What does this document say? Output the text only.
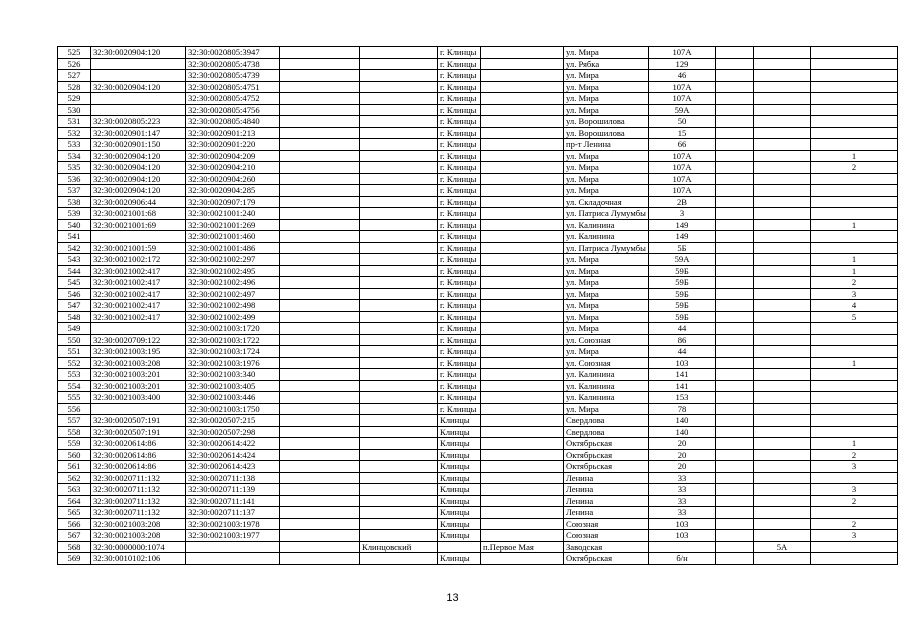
525	32:30:0020904:120	32:30:0020805:3947			г. Клинцы		ул. Мира	107А			
526		32:30:0020805:4738			г. Клинцы		ул. Рябка	129			
527		32:30:0020805:4739			г. Клинцы		ул. Мира	46			
528	32:30:0020904:120	32:30:0020805:4751			г. Клинцы		ул. Мира	107А			
529		32:30:0020805:4752			г. Клинцы		ул. Мира	107А			
530		32:30:0020805:4756			г. Клинцы		ул. Мира	59А			
531	32:30:0020805:223	32:30:0020805:4840			г. Клинцы		ул. Ворошилова	50			
532	32:30:0020901:147	32:30:0020901:213			г. Клинцы		ул. Ворошилова	15			
533	32:30:0020901:150	32:30:0020901:220			г. Клинцы		пр-т Ленина	66			
534	32:30:0020904:120	32:30:0020904:209			г. Клинцы		ул. Мира	107А			1
535	32:30:0020904:120	32:30:0020904:210			г. Клинцы		ул. Мира	107А			2
536	32:30:0020904:120	32:30:0020904:260			г. Клинцы		ул. Мира	107А			
537	32:30:0020904:120	32:30:0020904:285			г. Клинцы		ул. Мира	107А			
538	32:30:0020906:44	32:30:0020907:179			г. Клинцы		ул. Складочная	2В			
539	32:30:0021001:68	32:30:0021001:240			г. Клинцы		ул. Патриса Лумумбы	3			
540	32:30:0021001:69	32:30:0021001:269			г. Клинцы		ул. Калинина	149			1
541		32:30:0021001:460			г. Клинцы		ул. Калинина	149			
542	32:30:0021001:59	32:30:0021001:486			г. Клинцы		ул. Патриса Лумумбы	5Б			
543	32:30:0021002:172	32:30:0021002:297			г. Клинцы		ул. Мира	59А			1
544	32:30:0021002:417	32:30:0021002:495			г. Клинцы		ул. Мира	59Б			1
545	32:30:0021002:417	32:30:0021002:496			г. Клинцы		ул. Мира	59Б			2
546	32:30:0021002:417	32:30:0021002:497			г. Клинцы		ул. Мира	59Б			3
547	32:30:0021002:417	32:30:0021002:498			г. Клинцы		ул. Мира	59Б			4
548	32:30:0021002:417	32:30:0021002:499			г. Клинцы		ул. Мира	59Б			5
549		32:30:0021003:1720			г. Клинцы		ул. Мира	44			
550	32:30:0020709:122	32:30:0021003:1722			г. Клинцы		ул. Союзная	86			
551	32:30:0021003:195	32:30:0021003:1724			г. Клинцы		ул. Мира	44			
552	32:30:0021003:208	32:30:0021003:1976			г. Клинцы		ул. Союзная	103			1
553	32:30:0021003:201	32:30:0021003:340			г. Клинцы		ул. Калинина	141			
554	32:30:0021003:201	32:30:0021003:405			г. Клинцы		ул. Калинина	141			
555	32:30:0021003:400	32:30:0021003:446			г. Клинцы		ул. Калинина	153			
556		32:30:0021003:1750			г. Клинцы		ул. Мира	78			
557	32:30:0020507:191	32:30:0020507:215			Клинцы		Свердлова	140			
558	32:30:0020507:191	32:30:0020507:298			Клинцы		Свердлова	140			
559	32:30:0020614:86	32:30:0020614:422			Клинцы		Октябрьская	20			1
560	32:30:0020614:86	32:30:0020614:424			Клинцы		Октябрьская	20			2
561	32:30:0020614:86	32:30:0020614:423			Клинцы		Октябрьская	20			3
562	32:30:0020711:132	32:30:0020711:138			Клинцы		Ленина	33			
563	32:30:0020711:132	32:30:0020711:139			Клинцы		Ленина	33			3
564	32:30:0020711:132	32:30:0020711:141			Клинцы		Ленина	33			2
565	32:30:0020711:132	32:30:0020711:137			Клинцы		Ленина	33			
566	32:30:0021003:208	32:30:0021003:1978			Клинцы		Союзная	103			2
567	32:30:0021003:208	32:30:0021003:1977			Клинцы		Союзная	103			3
568	32:30:0000000:1074			Клинцовский		п.Первое Мая	Заводская			5А	
569	32:30:0010102:106				Клинцы		Октябрьская	б/н			
13
